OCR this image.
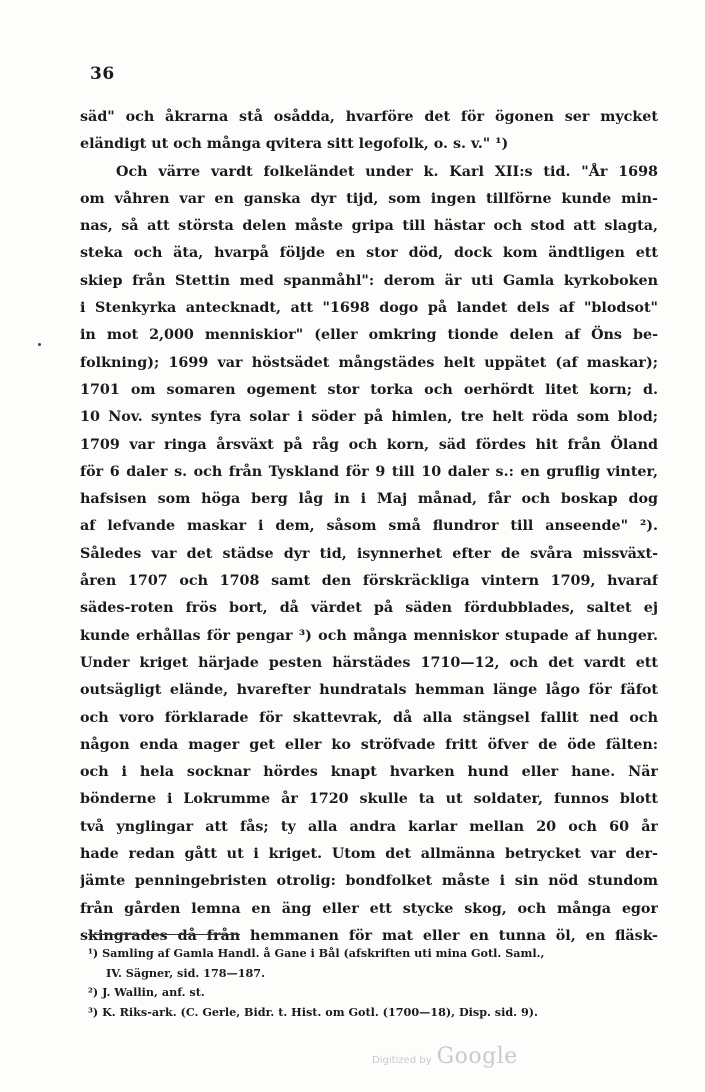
36
säd" och åkrarna stå osådda, hvarföre det för ögonen ser mycket
eländigt ut och många qvitera sitt legofolk, o. s. v." ¹)
Och värre vardt folkeländet under k. Karl XII:s tid. "År 1698
om våhren var en ganska dyr tijd, som ingen tillförne kunde min-
nas, så att största delen måste gripa till hästar och stod att slagta,
steka och äta, hvarpå följde en stor död, dock kom ändtligen ett
skiep från Stettin med spanmåhl": derom är uti Gamla kyrkoboken
i Stenkyrka antecknadt, att "1698 dogo på landet dels af "blodsot"
in mot 2,000 menniskior" (eller omkring tionde delen af Öns be-
folkning); 1699 var höstsädet mångstädes helt uppätet (af maskar);
1701 om somaren ogement stor torka och oerhördt litet korn; d.
10 Nov. syntes fyra solar i söder på himlen, tre helt röda som blod;
1709 var ringa årsväxt på råg och korn, säd fördes hit från Öland
för 6 daler s. och från Tyskland för 9 till 10 daler s.: en gruflig vinter,
hafsisen som höga berg låg in i Maj månad, får och boskap dog
af lefvande maskar i dem, såsom små flundror till anseende" ²).
Således var det städse dyr tid, isynnerhet efter de svåra missväxt-
åren 1707 och 1708 samt den förskräckliga vintern 1709, hvaraf
sädes-roten frös bort, då värdet på säden fördubblades, saltet ej
kunde erhållas för pengar ³) och många menniskor stupade af hunger.
Under kriget härjade pesten härstädes 1710—12, och det vardt ett
outsägligt elände, hvarefter hundratals hemman länge lågo för fäfot
och voro förklarade för skattevrak, då alla stängsel fallit ned och
någon enda mager get eller ko ströfvade fritt öfver de öde fälten:
och i hela socknar hördes knapt hvarken hund eller hane. När
bönderne i Lokrumme år 1720 skulle ta ut soldater, funnos blott
två ynglingar att fås; ty alla andra karlar mellan 20 och 60 år
hade redan gått ut i kriget. Utom det allmänna betrycket var der-
jämte penningebristen otrolig: bondfolket måste i sin nöd stundom
från gården lemna en äng eller ett stycke skog, och många egor
skingrades då från hemmanen för mat eller en tunna öl, en fläsk-
¹) Samling af Gamla Handl. å Gane i Bål (afskriften uti mina Gotl. Saml.,
IV. Sägner, sid. 178—187.
²) J. Wallin, anf. st.
³) K. Riks-ark. (C. Gerle, Bidr. t. Hist. om Gotl. (1700—18), Disp. sid. 9).
Digitized by Google
